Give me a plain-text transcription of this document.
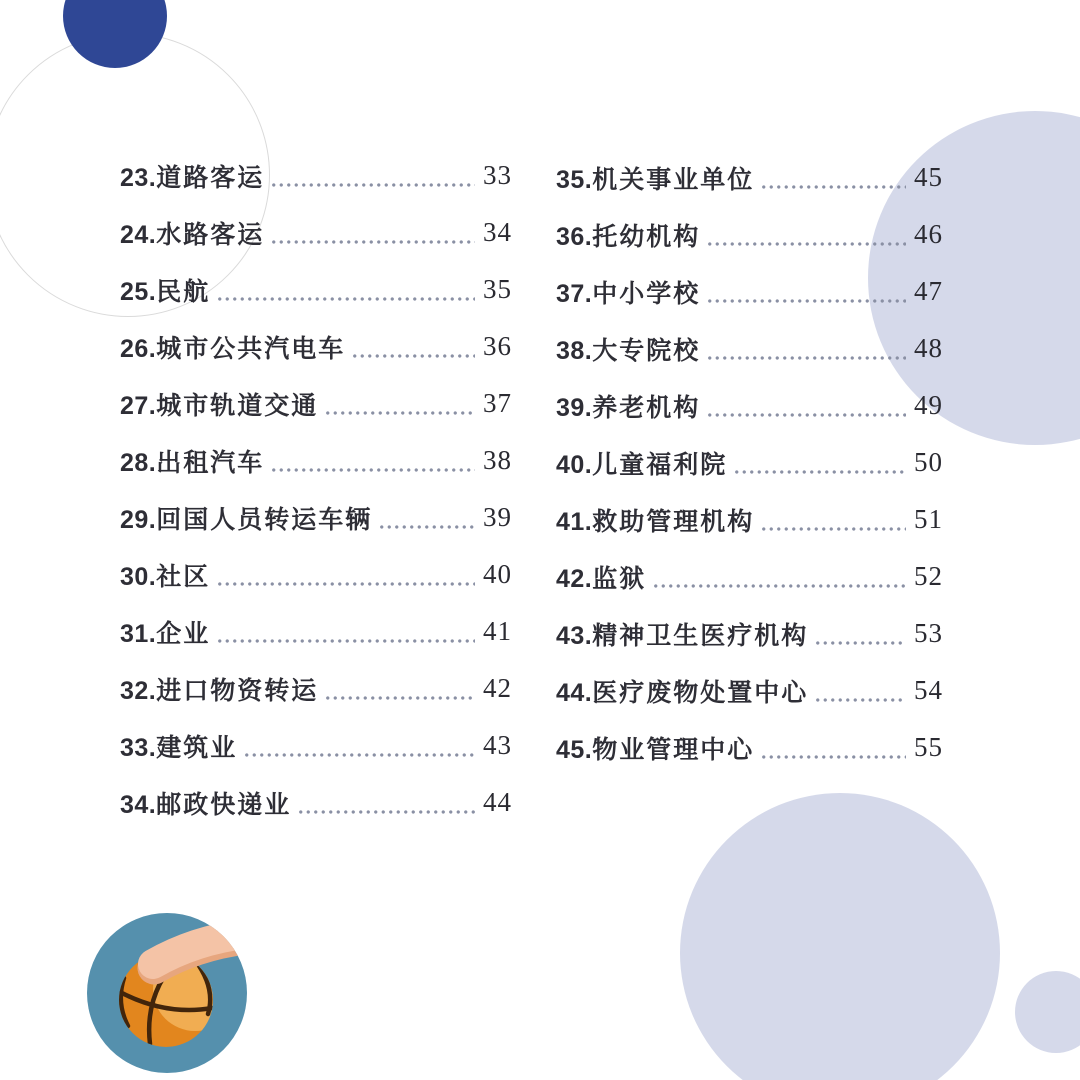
23.道路客运	33
24.水路客运	34
25.民航	35
26.城市公共汽电车	36
27.城市轨道交通	37
28.出租汽车	38
29.回国人员转运车辆	39
30.社区	40
31.企业	41
32.进口物资转运	42
33.建筑业	43
34.邮政快递业	44
35.机关事业单位	45
36.托幼机构	46
37.中小学校	47
38.大专院校	48
39.养老机构	49
40.儿童福利院	50
41.救助管理机构	51
42.监狱	52
43.精神卫生医疗机构	53
44.医疗废物处置中心	54
45.物业管理中心	55
